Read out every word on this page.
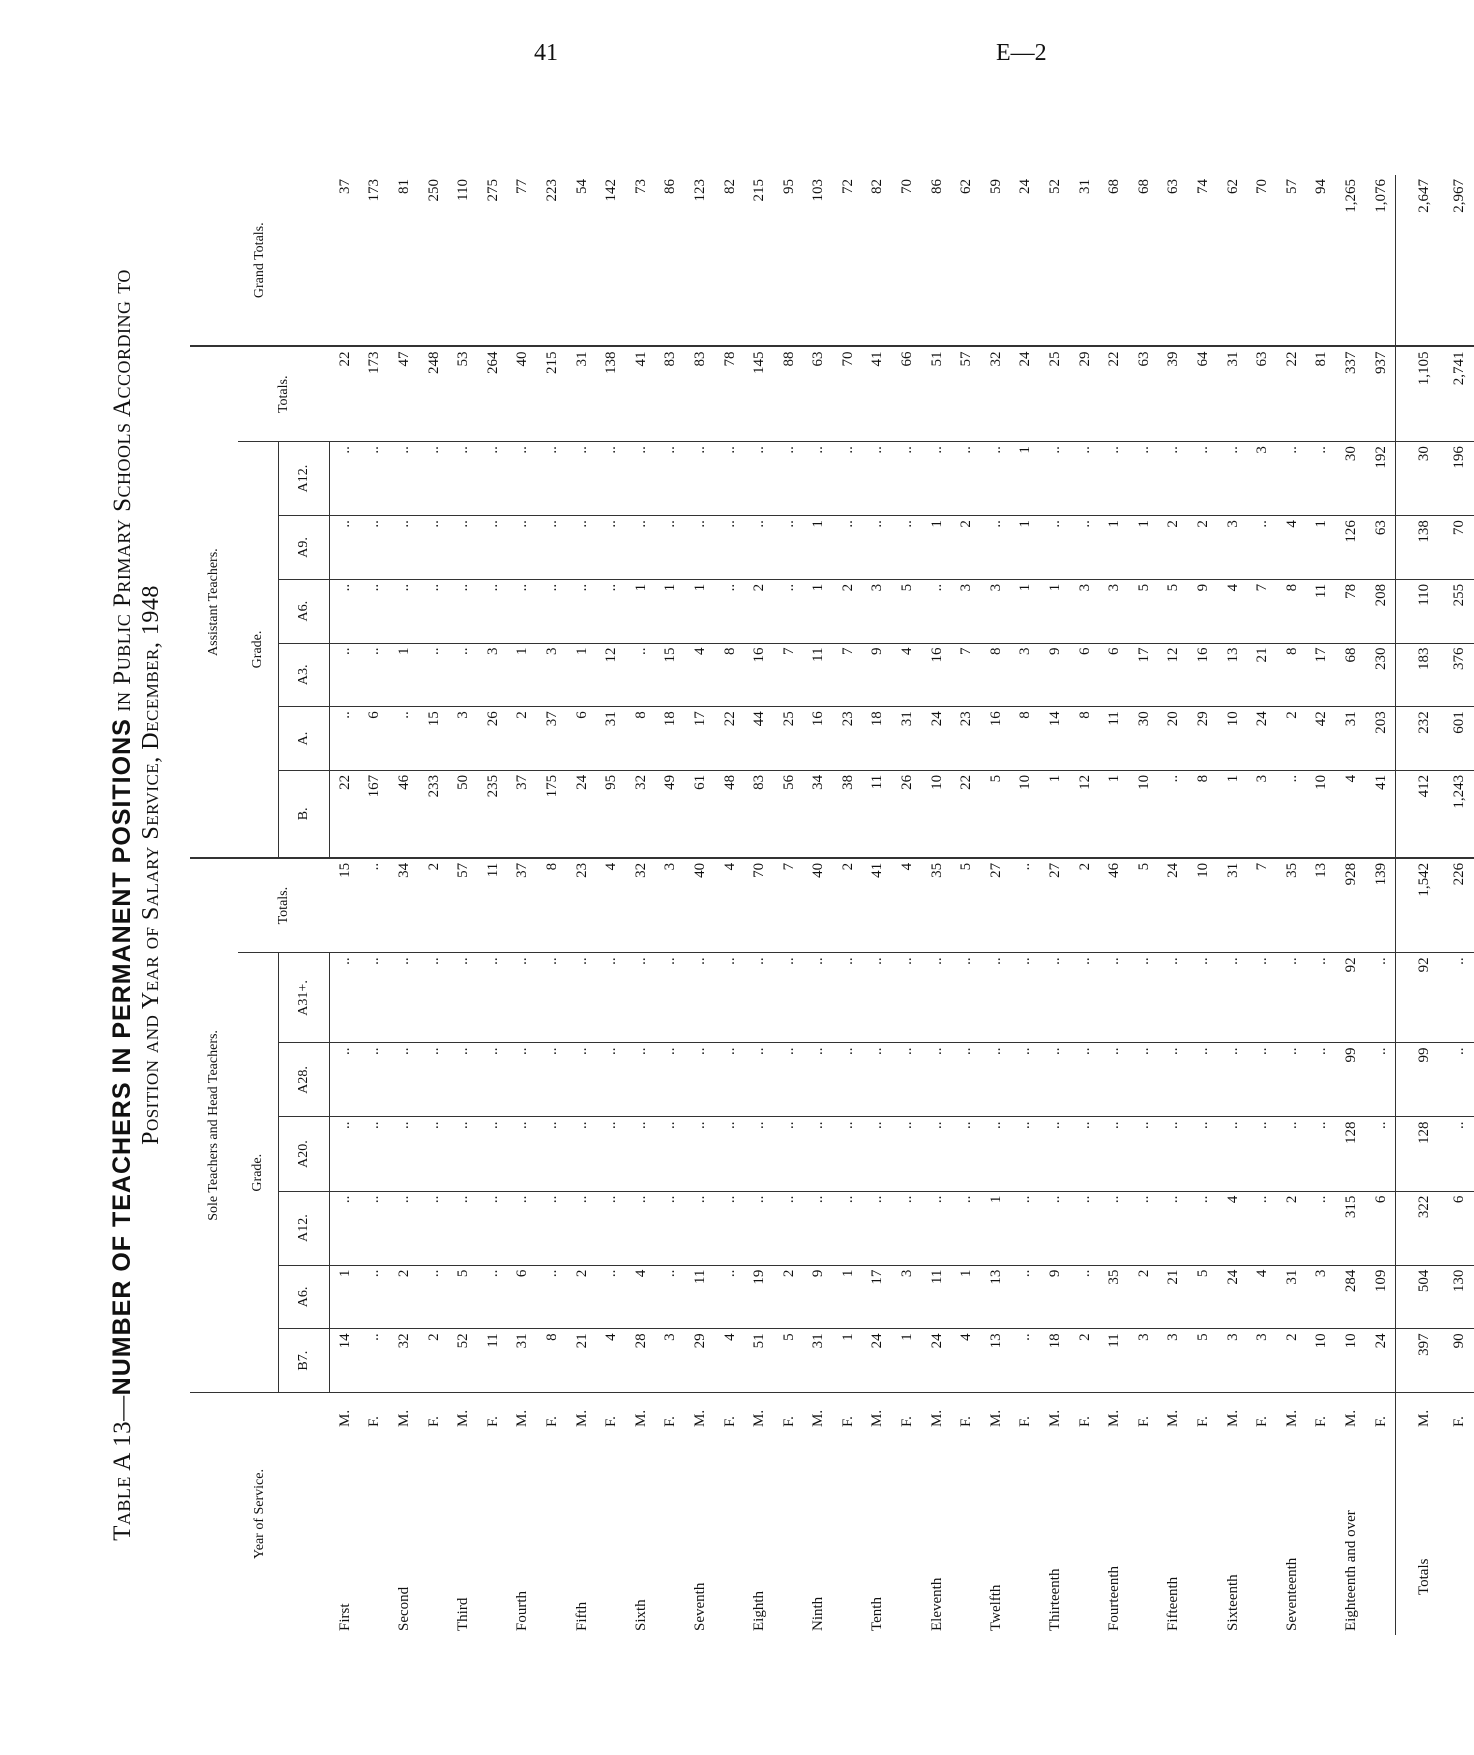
41	E—2
Table A 13—NUMBER OF TEACHERS IN PERMANENT POSITIONS in Public Primary Schools According to
Position and Year of Salary Service, December, 1948
Year of Service.		Sole Teachers and Head Teachers.							Assistant Teachers.							Grand Totals.
		Grade.						Totals.	Grade.						Totals.	
		B7.	A6.	A12.	A20.	A28.	A31+.		B.	A.	A3.	A6.	A9.	A12.		
First	M.	14	1	..	..	..	..	15	22	..	..	..	..	..	22	37
	F.	..	..	..	..	..	..	..	167	6	..	..	..	..	173	173
Second	M.	32	2	..	..	..	..	34	46	..	1	..	..	..	47	81
	F.	2	..	..	..	..	..	2	233	15	..	..	..	..	248	250
Third	M.	52	5	..	..	..	..	57	50	3	..	..	..	..	53	110
	F.	11	..	..	..	..	..	11	235	26	3	..	..	..	264	275
Fourth	M.	31	6	..	..	..	..	37	37	2	1	..	..	..	40	77
	F.	8	..	..	..	..	..	8	175	37	3	..	..	..	215	223
Fifth	M.	21	2	..	..	..	..	23	24	6	1	..	..	..	31	54
	F.	4	..	..	..	..	..	4	95	31	12	..	..	..	138	142
Sixth	M.	28	4	..	..	..	..	32	32	8	..	1	..	..	41	73
	F.	3	..	..	..	..	..	3	49	18	15	1	..	..	83	86
Seventh	M.	29	11	..	..	..	..	40	61	17	4	1	..	..	83	123
	F.	4	..	..	..	..	..	4	48	22	8	..	..	..	78	82
Eighth	M.	51	19	..	..	..	..	70	83	44	16	2	..	..	145	215
	F.	5	2	..	..	..	..	7	56	25	7	..	..	..	88	95
Ninth	M.	31	9	..	..	..	..	40	34	16	11	1	1	..	63	103
	F.	1	1	..	..	..	..	2	38	23	7	2	..	..	70	72
Tenth	M.	24	17	..	..	..	..	41	11	18	9	3	..	..	41	82
	F.	1	3	..	..	..	..	4	26	31	4	5	..	..	66	70
Eleventh	M.	24	11	..	..	..	..	35	10	24	16	..	1	..	51	86
	F.	4	1	..	..	..	..	5	22	23	7	3	2	..	57	62
Twelfth	M.	13	13	1	..	..	..	27	5	16	8	3	..	..	32	59
	F.	..	..	..	..	..	..	..	10	8	3	1	1	1	24	24
Thirteenth	M.	18	9	..	..	..	..	27	1	14	9	1	..	..	25	52
	F.	2	..	..	..	..	..	2	12	8	6	3	..	..	29	31
Fourteenth	M.	11	35	..	..	..	..	46	1	11	6	3	1	..	22	68
	F.	3	2	..	..	..	..	5	10	30	17	5	1	..	63	68
Fifteenth	M.	3	21	..	..	..	..	24	..	20	12	5	2	..	39	63
	F.	5	5	..	..	..	..	10	8	29	16	9	2	..	64	74
Sixteenth	M.	3	24	4	..	..	..	31	1	10	13	4	3	..	31	62
	F.	3	4	..	..	..	..	7	3	24	21	7	..	3	63	70
Seventeenth	M.	2	31	2	..	..	..	35	..	2	8	8	4	..	22	57
	F.	10	3	..	..	..	..	13	10	42	17	11	1	..	81	94
Eighteenth and over	M.	10	284	315	128	99	92	928	4	31	68	78	126	30	337	1,265
	F.	24	109	6	..	..	..	139	41	203	230	208	63	192	937	1,076
Totals	M.	397	504	322	128	99	92	1,542	412	232	183	110	138	30	1,105	2,647
	F.	90	130	6	..	..	..	226	1,243	601	376	255	70	196	2,741	2,967
